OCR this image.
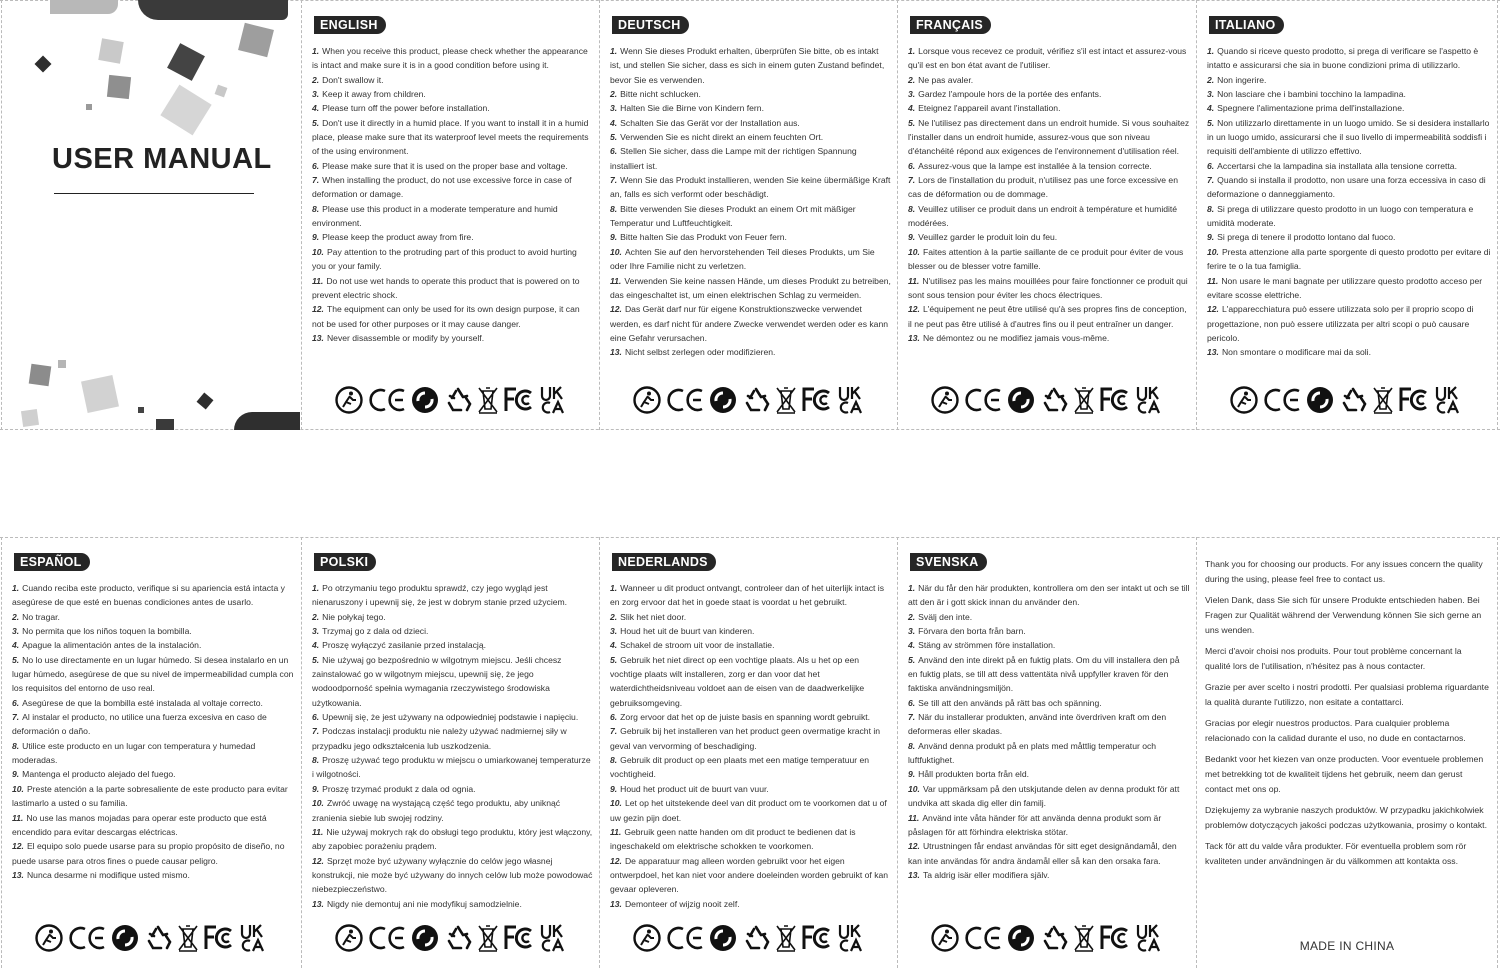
USER MANUAL
ENGLISH
1. When you receive this product, please check whether the appearance is intact and make sure it is in a good condition before using it.
2. Don't swallow it.
3. Keep it away from children.
4. Please turn off the power before installation.
5. Don't use it directly in a humid place. If you want to install it in a humid place, please make sure that its waterproof level meets the requirements of the using environment.
6. Please make sure that it is used on the proper base and voltage.
7. When installing the product, do not use excessive force in case of deformation or damage.
8. Please use this product in a moderate temperature and humid environment.
9. Please keep the product away from fire.
10. Pay attention to the protruding part of this product to avoid hurting you or your family.
11. Do not use wet hands to operate this product that is powered on to prevent electric shock.
12. The equipment can only be used for its own design purpose, it can not be used for other purposes or it may cause danger.
13. Never disassemble or modify by yourself.
DEUTSCH
1. Wenn Sie dieses Produkt erhalten, überprüfen Sie bitte, ob es intakt ist, und stellen Sie sicher, dass es sich in einem guten Zustand befindet, bevor Sie es verwenden.
2. Bitte nicht schlucken.
3. Halten Sie die Birne von Kindern fern.
4. Schalten Sie das Gerät vor der Installation aus.
5. Verwenden Sie es nicht direkt an einem feuchten Ort.
6. Stellen Sie sicher, dass die Lampe mit der richtigen Spannung installiert ist.
7. Wenn Sie das Produkt installieren, wenden Sie keine übermäßige Kraft an, falls es sich verformt oder beschädigt.
8. Bitte verwenden Sie dieses Produkt an einem Ort mit mäßiger Temperatur und Luftfeuchtigkeit.
9. Bitte halten Sie das Produkt von Feuer fern.
10. Achten Sie auf den hervorstehenden Teil dieses Produkts, um Sie oder Ihre Familie nicht zu verletzen.
11. Verwenden Sie keine nassen Hände, um dieses Produkt zu betreiben, das eingeschaltet ist, um einen elektrischen Schlag zu vermeiden.
12. Das Gerät darf nur für eigene Konstruktionszwecke verwendet werden, es darf nicht für andere Zwecke verwendet werden oder es kann eine Gefahr verursachen.
13. Nicht selbst zerlegen oder modifizieren.
FRANÇAIS
1. Lorsque vous recevez ce produit, vérifiez s'il est intact et assurez-vous qu'il est en bon état avant de l'utiliser.
2. Ne pas avaler.
3. Gardez l'ampoule hors de la portée des enfants.
4. Eteignez l'appareil avant l'installation.
5. Ne l'utilisez pas directement dans un endroit humide. Si vous souhaitez l'installer dans un endroit humide, assurez-vous que son niveau d'étanchéité répond aux exigences de l'environnement d'utilisation réel.
6. Assurez-vous que la lampe est installée à la tension correcte.
7. Lors de l'installation du produit, n'utilisez pas une force excessive en cas de déformation ou de dommage.
8. Veuillez utiliser ce produit dans un endroit à température et humidité modérées.
9. Veuillez garder le produit loin du feu.
10. Faites attention à la partie saillante de ce produit pour éviter de vous blesser ou de blesser votre famille.
11. N'utilisez pas les mains mouillées pour faire fonctionner ce produit qui sont sous tension pour éviter les chocs électriques.
12. L'équipement ne peut être utilisé qu'à ses propres fins de conception, il ne peut pas être utilisé à d'autres fins ou il peut entraîner un danger.
13. Ne démontez ou ne modifiez jamais vous-même.
ITALIANO
1. Quando si riceve questo prodotto, si prega di verificare se l'aspetto è intatto e assicurarsi che sia in buone condizioni prima di utilizzarlo.
2. Non ingerire.
3. Non lasciare che i bambini tocchino la lampadina.
4. Spegnere l'alimentazione prima dell'installazione.
5. Non utilizzarlo direttamente in un luogo umido. Se si desidera installarlo in un luogo umido, assicurarsi che il suo livello di impermeabilità soddisfi i requisiti dell'ambiente di utilizzo effettivo.
6. Accertarsi che la lampadina sia installata alla tensione corretta.
7. Quando si installa il prodotto, non usare una forza eccessiva in caso di deformazione o danneggiamento.
8. Si prega di utilizzare questo prodotto in un luogo con temperatura e umidità moderate.
9. Si prega di tenere il prodotto lontano dal fuoco.
10. Presta attenzione alla parte sporgente di questo prodotto per evitare di ferire te o la tua famiglia.
11. Non usare le mani bagnate per utilizzare questo prodotto acceso per evitare scosse elettriche.
12. L'apparecchiatura può essere utilizzata solo per il proprio scopo di progettazione, non può essere utilizzata per altri scopi o può causare pericolo.
13. Non smontare o modificare mai da soli.
ESPAÑOL
1. Cuando reciba este producto, verifique si su apariencia está intacta y asegúrese de que esté en buenas condiciones antes de usarlo.
2. No tragar.
3. No permita que los niños toquen la bombilla.
4. Apague la alimentación antes de la instalación.
5. No lo use directamente en un lugar húmedo. Si desea instalarlo en un lugar húmedo, asegúrese de que su nivel de impermeabilidad cumpla con los requisitos del entorno de uso real.
6. Asegúrese de que la bombilla esté instalada al voltaje correcto.
7. Al instalar el producto, no utilice una fuerza excesiva en caso de deformación o daño.
8. Utilice este producto en un lugar con temperatura y humedad moderadas.
9. Mantenga el producto alejado del fuego.
10. Preste atención a la parte sobresaliente de este producto para evitar lastimarlo a usted o su familia.
11. No use las manos mojadas para operar este producto que está encendido para evitar descargas eléctricas.
12. El equipo solo puede usarse para su propio propósito de diseño, no puede usarse para otros fines o puede causar peligro.
13. Nunca desarme ni modifique usted mismo.
POLSKI
1. Po otrzymaniu tego produktu sprawdź, czy jego wygląd jest nienaruszony i upewnij się, że jest w dobrym stanie przed użyciem.
2. Nie połykaj tego.
3. Trzymaj go z dala od dzieci.
4. Proszę wyłączyć zasilanie przed instalacją.
5. Nie używaj go bezpośrednio w wilgotnym miejscu. Jeśli chcesz zainstalować go w wilgotnym miejscu, upewnij się, że jego wodoodporność spełnia wymagania rzeczywistego środowiska użytkowania.
6. Upewnij się, że jest używany na odpowiedniej podstawie i napięciu.
7. Podczas instalacji produktu nie należy używać nadmiernej siły w przypadku jego odkształcenia lub uszkodzenia.
8. Proszę używać tego produktu w miejscu o umiarkowanej temperaturze i wilgotności.
9. Proszę trzymać produkt z dala od ognia.
10. Zwróć uwagę na wystającą część tego produktu, aby uniknąć zranienia siebie lub swojej rodziny.
11. Nie używaj mokrych rąk do obsługi tego produktu, który jest włączony, aby zapobiec porażeniu prądem.
12. Sprzęt może być używany wyłącznie do celów jego własnej konstrukcji, nie może być używany do innych celów lub może powodować niebezpieczeństwo.
13. Nigdy nie demontuj ani nie modyfikuj samodzielnie.
NEDERLANDS
1. Wanneer u dit product ontvangt, controleer dan of het uiterlijk intact is en zorg ervoor dat het in goede staat is voordat u het gebruikt.
2. Slik het niet door.
3. Houd het uit de buurt van kinderen.
4. Schakel de stroom uit voor de installatie.
5. Gebruik het niet direct op een vochtige plaats. Als u het op een vochtige plaats wilt installeren, zorg er dan voor dat het waterdichtheidsniveau voldoet aan de eisen van de daadwerkelijke gebruiksomgeving.
6. Zorg ervoor dat het op de juiste basis en spanning wordt gebruikt.
7. Gebruik bij het installeren van het product geen overmatige kracht in geval van vervorming of beschadiging.
8. Gebruik dit product op een plaats met een matige temperatuur en vochtigheid.
9. Houd het product uit de buurt van vuur.
10. Let op het uitstekende deel van dit product om te voorkomen dat u of uw gezin pijn doet.
11. Gebruik geen natte handen om dit product te bedienen dat is ingeschakeld om elektrische schokken te voorkomen.
12. De apparatuur mag alleen worden gebruikt voor het eigen ontwerpdoel, het kan niet voor andere doeleinden worden gebruikt of kan gevaar opleveren.
13. Demonteer of wijzig nooit zelf.
SVENSKA
1. När du får den här produkten, kontrollera om den ser intakt ut och se till att den är i gott skick innan du använder den.
2. Svälj den inte.
3. Förvara den borta från barn.
4. Stäng av strömmen före installation.
5. Använd den inte direkt på en fuktig plats. Om du vill installera den på en fuktig plats, se till att dess vattentäta nivå uppfyller kraven för den faktiska användningsmiljön.
6. Se till att den används på rätt bas och spänning.
7. När du installerar produkten, använd inte överdriven kraft om den deformeras eller skadas.
8. Använd denna produkt på en plats med måttlig temperatur och luftfuktighet.
9. Håll produkten borta från eld.
10. Var uppmärksam på den utskjutande delen av denna produkt för att undvika att skada dig eller din familj.
11. Använd inte våta händer för att använda denna produkt som är påslagen för att förhindra elektriska stötar.
12. Utrustningen får endast användas för sitt eget designändamål, den kan inte användas för andra ändamål eller så kan den orsaka fara.
13. Ta aldrig isär eller modifiera själv.

Thank you for choosing our products. For any issues concern the quality during the using, please feel free to contact us.

Vielen Dank, dass Sie sich für unsere Produkte entschieden haben. Bei Fragen zur Qualität während der Verwendung können Sie sich gerne an uns wenden.

Merci d'avoir choisi nos produits. Pour tout problème concernant la qualité lors de l'utilisation, n'hésitez pas à nous contacter.

Grazie per aver scelto i nostri prodotti. Per qualsiasi problema riguardante la qualità durante l'utilizzo, non esitate a contattarci.

Gracias por elegir nuestros productos. Para cualquier problema relacionado con la calidad durante el uso, no dude en contactarnos.

Bedankt voor het kiezen van onze producten. Voor eventuele problemen met betrekking tot de kwaliteit tijdens het gebruik, neem dan gerust contact met ons op.

Dziękujemy za wybranie naszych produktów. W przypadku jakichkolwiek problemów dotyczących jakości podczas użytkowania, prosimy o kontakt.

Tack för att du valde våra produkter. För eventuella problem som rör kvaliteten under användningen är du välkommen att kontakta oss.

MADE IN CHINA
